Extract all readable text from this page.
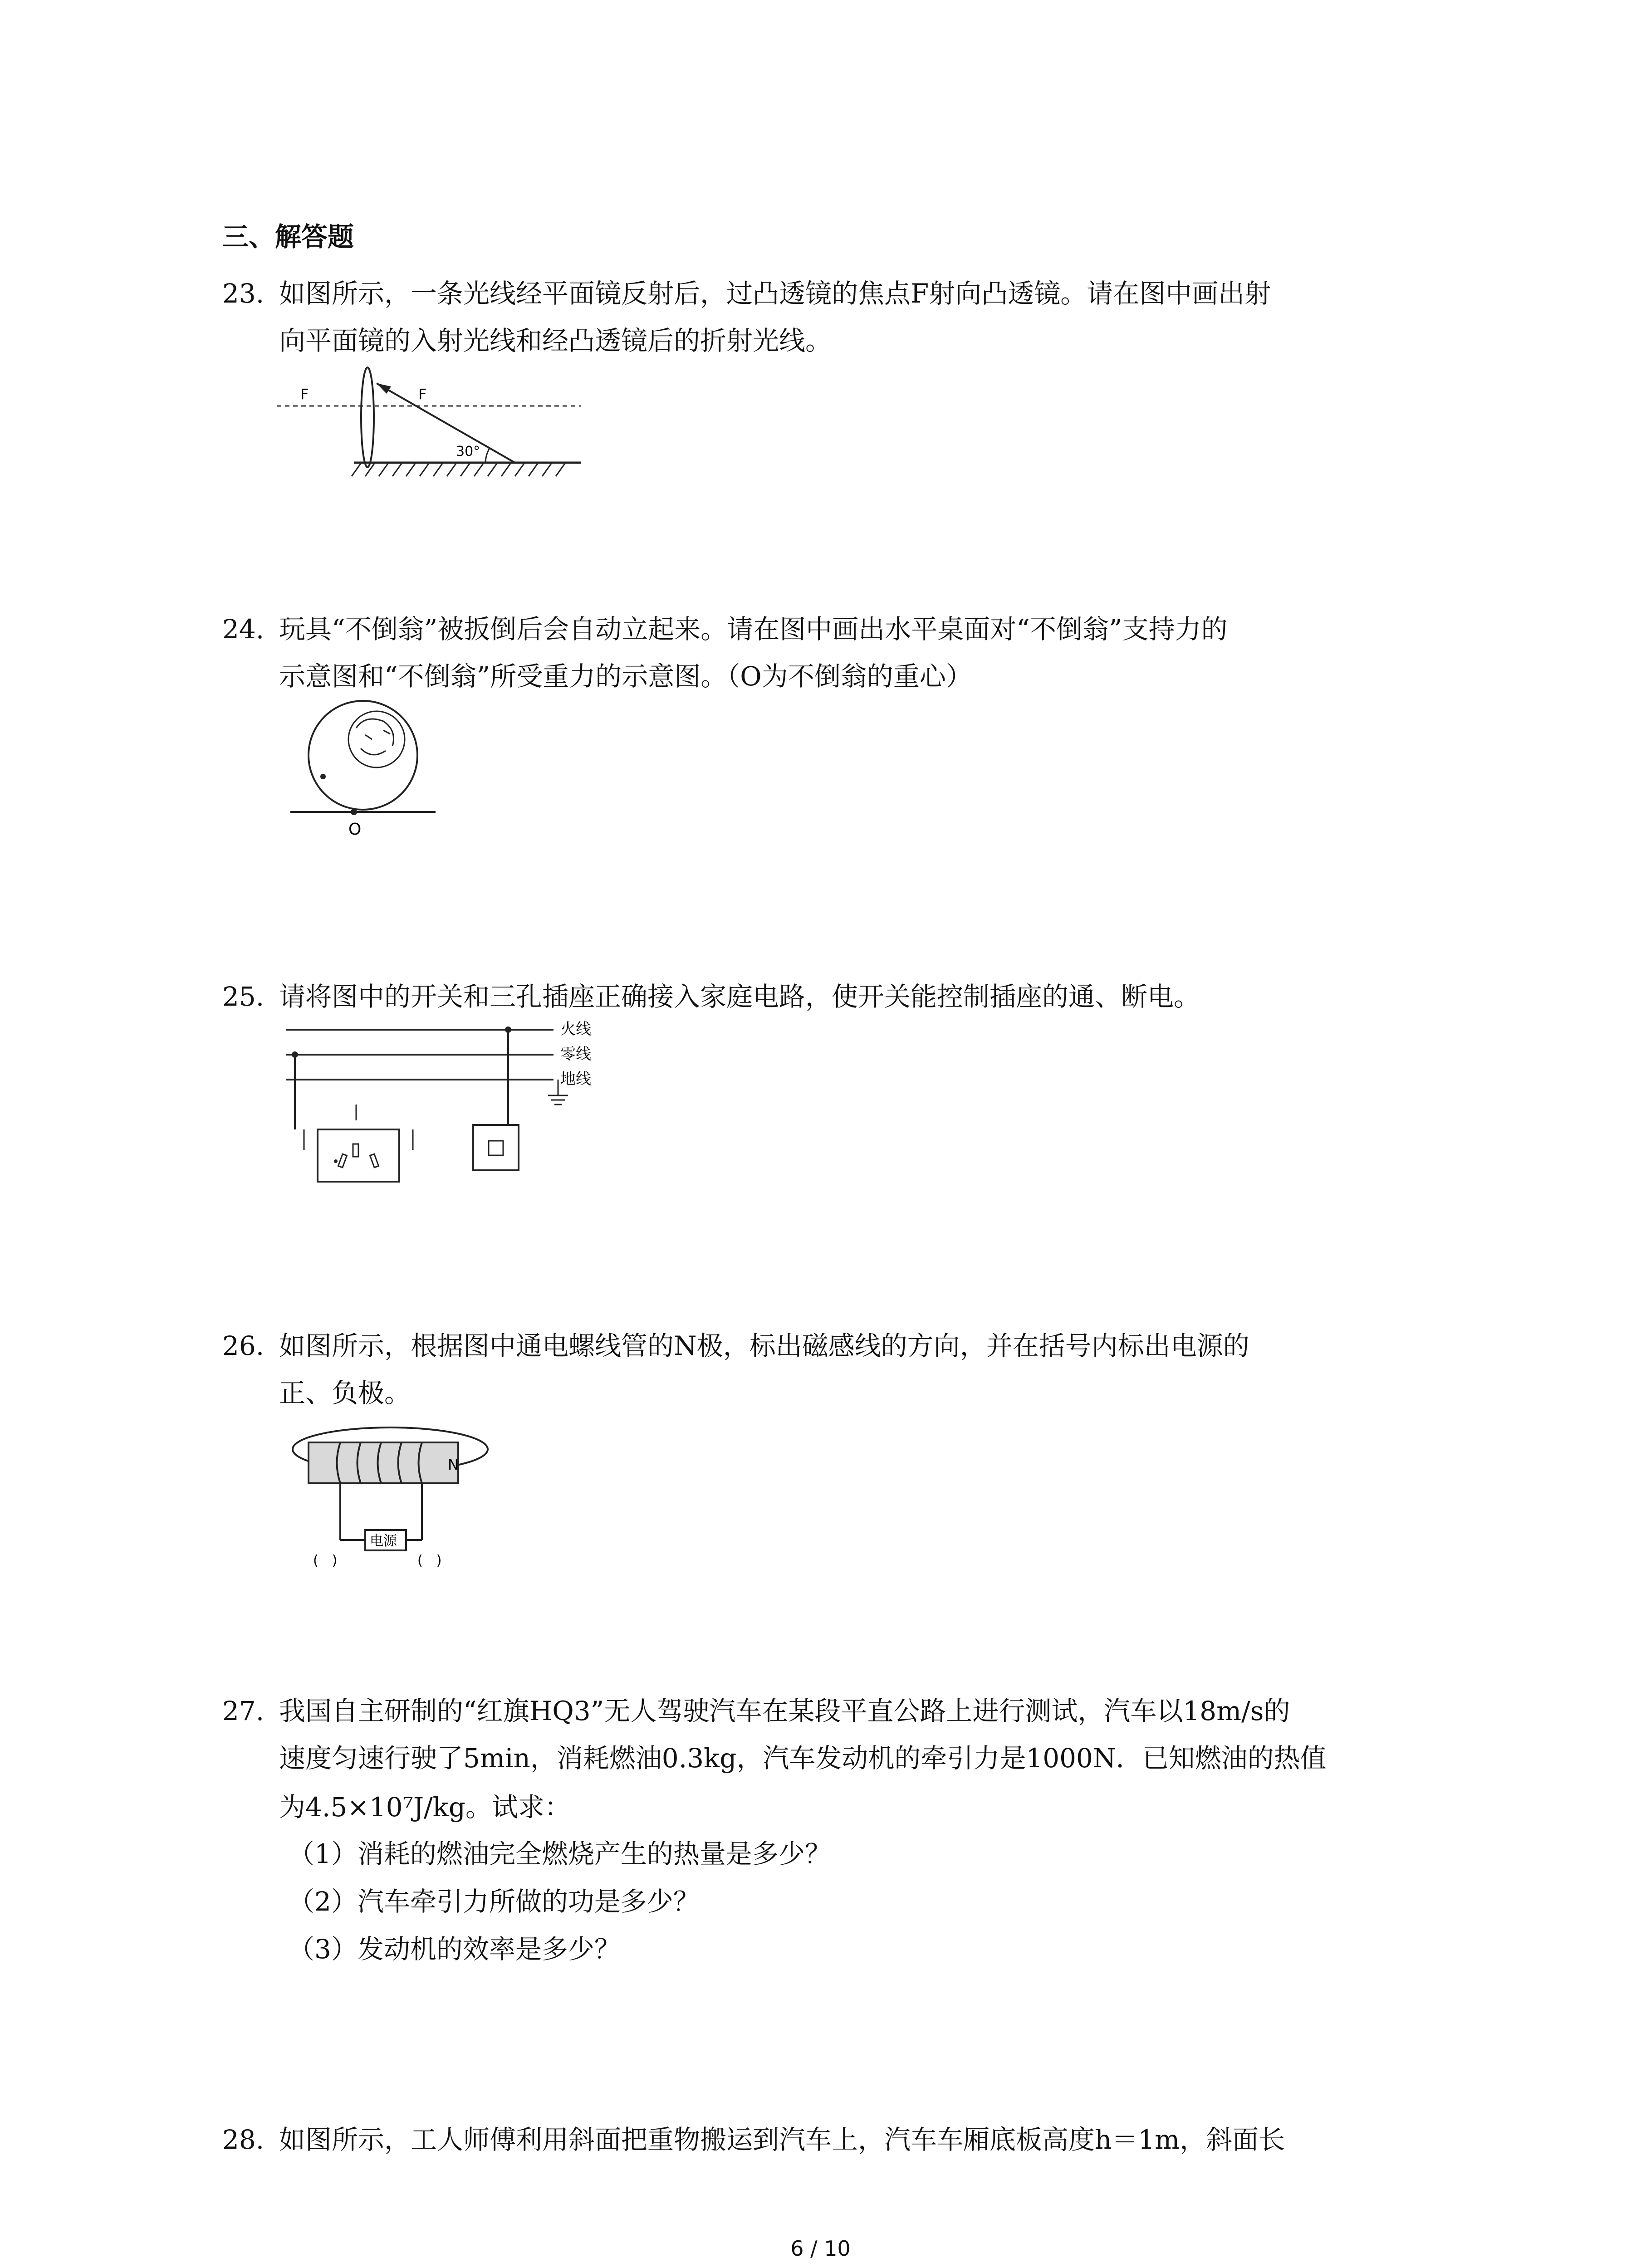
三、解答题
23. 如图所示，一条光线经平面镜反射后，过凸透镜的焦点F射向凸透镜。请在图中画出射
向平面镜的入射光线和经凸透镜后的折射光线。
F	F
30°
24. 玩具“不倒翁”被扳倒后会自动立起来。请在图中画出水平桌面对“不倒翁”支持力的
示意图和“不倒翁”所受重力的示意图。（O为不倒翁的重心）
O
25. 请将图中的开关和三孔插座正确接入家庭电路，使开关能控制插座的通、断电。
火线
零线
地线
26. 如图所示，根据图中通电螺线管的N极，标出磁感线的方向，并在括号内标出电源的
正、负极。
N
电源
(　)	(　)
27. 我国自主研制的“红旗HQ3”无人驾驶汽车在某段平直公路上进行测试，汽车以18m/s的
速度匀速行驶了5min，消耗燃油0.3kg，汽车发动机的牵引力是1000N．已知燃油的热值
为4.5×10⁷J/kg。试求：
（1）消耗的燃油完全燃烧产生的热量是多少？
（2）汽车牵引力所做的功是多少？
（3）发动机的效率是多少？
28. 如图所示，工人师傅利用斜面把重物搬运到汽车上，汽车车厢底板高度h＝1m，斜面长
6 / 10
